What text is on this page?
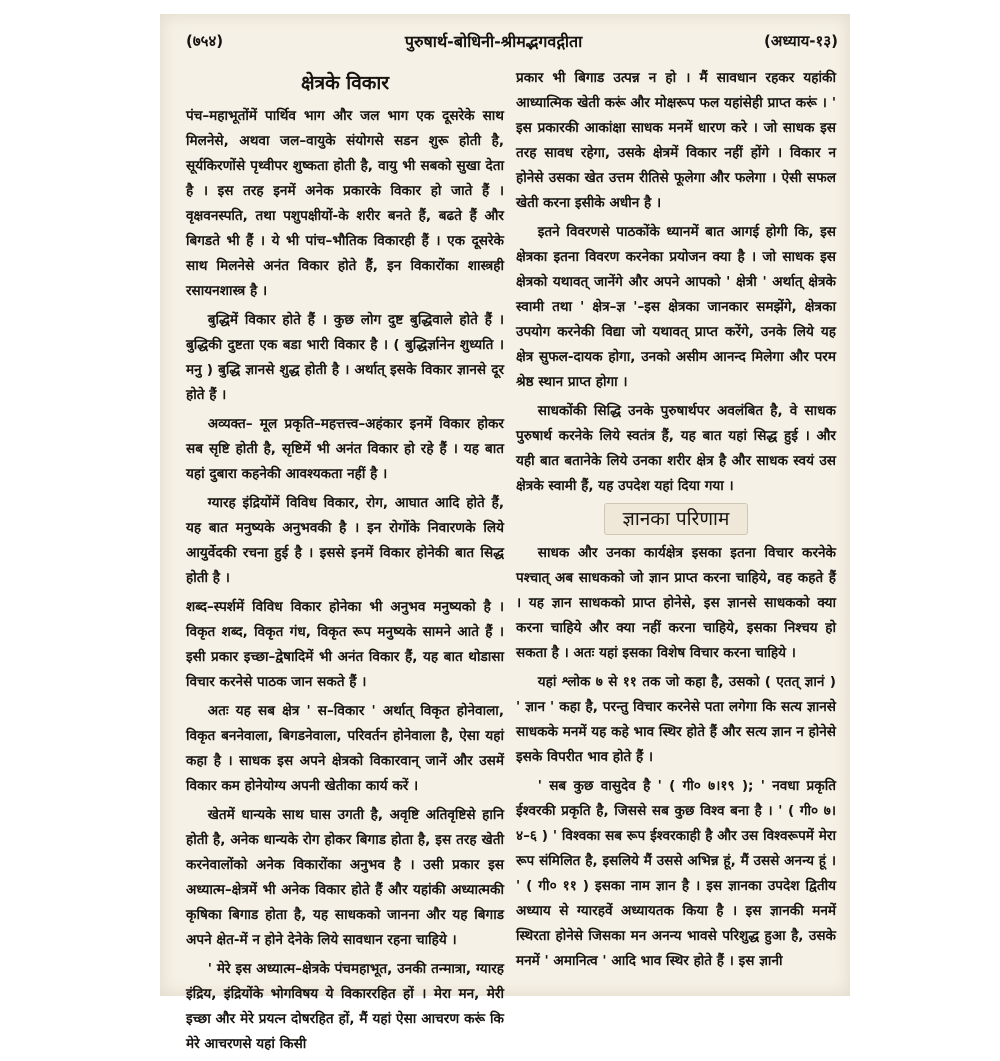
(७५४)	पुरुषार्थ-बोधिनी-श्रीमद्भगवद्गीता	(अध्याय-१३)
क्षेत्रके विकार

पंच–महाभूतोंमें पार्थिव भाग और जल भाग एक दूसरेके साथ मिलनेसे, अथवा जल–वायुके संयोगसे सडन शुरू होती है, सूर्यकिरणोंसे पृथ्वीपर शुष्कता होती है, वायु भी सबको सुखा देता है । इस तरह इनमें अनेक प्रकारके विकार हो जाते हैं । वृक्षवनस्पति, तथा पशुपक्षीयों-के शरीर बनते हैं, बढते हैं और बिगडते भी हैं । ये भी पांच–भौतिक विकारही हैं । एक दूसरेके साथ मिलनेसे अनंत विकार होते हैं, इन विकारोंका शास्त्रही रसायनशास्त्र है ।

बुद्धिमें विकार होते हैं । कुछ लोग दुष्ट बुद्धिवाले होते हैं । बुद्धिकी दुष्टता एक बडा भारी विकार है । ( बुद्धिर्ज्ञानेन शुध्यति । मनु ) बुद्धि ज्ञानसे शुद्ध होती है । अर्थात् इसके विकार ज्ञानसे दूर होते हैं ।

अव्यक्त– मूल प्रकृति–महत्तत्त्व–अहंकार इनमें विकार होकर सब सृष्टि होती है, सृष्टिमें भी अनंत विकार हो रहे हैं । यह बात यहां दुबारा कहनेकी आवश्यकता नहीं है ।

ग्यारह इंद्रियोंमें विविध विकार, रोग, आघात आदि होते हैं, यह बात मनुष्यके अनुभवकी है । इन रोगोंके निवारणके लिये आयुर्वेदकी रचना हुई है । इससे इनमें विकार होनेकी बात सिद्ध होती है ।

शब्द–स्पर्शमें विविध विकार होनेका भी अनुभव मनुष्यको है । विकृत शब्द, विकृत गंध, विकृत रूप मनुष्यके सामने आते हैं । इसी प्रकार इच्छा–द्वेषादिमें भी अनंत विकार हैं, यह बात थोडासा विचार करनेसे पाठक जान सकते हैं ।

अतः यह सब क्षेत्र ' स–विकार ' अर्थात् विकृत होनेवाला, विकृत बननेवाला, बिगडनेवाला, परिवर्तन होनेवाला है, ऐसा यहां कहा है । साधक इस अपने क्षेत्रको विकारवान् जानें और उसमें विकार कम होनेयोग्य अपनी खेतीका कार्य करें ।

खेतमें धान्यके साथ घास उगती है, अवृष्टि अतिवृष्टिसे हानि होती है, अनेक धान्यके रोग होकर बिगाड होता है, इस तरह खेती करनेवालोंको अनेक विकारोंका अनुभव है । उसी प्रकार इस अध्यात्म–क्षेत्रमें भी अनेक विकार होते हैं और यहांकी अध्यात्मकी कृषिका बिगाड होता है, यह साधकको जानना और यह बिगाड अपने क्षेत-में न होने देनेके लिये सावधान रहना चाहिये ।

' मेरे इस अध्यात्म–क्षेत्रके पंचमहाभूत, उनकी तन्मात्रा, ग्यारह इंद्रिय, इंद्रियोंके भोगविषय ये विकाररहित हों । मेरा मन, मेरी इच्छा और मेरे प्रयत्न दोषरहित हों, मैं यहां ऐसा आचरण करूं कि मेरे आचरणसे यहां किसी

प्रकार भी बिगाड उत्पन्न न हो । मैं सावधान रहकर यहांकी आध्यात्मिक खेती करूं और मोक्षरूप फल यहांसेही प्राप्त करूं । ' इस प्रकारकी आकांक्षा साधक मनमें धारण करे । जो साधक इस तरह सावध रहेगा, उसके क्षेत्रमें विकार नहीं होंगे । विकार न होनेसे उसका खेत उत्तम रीतिसे फूलेगा और फलेगा । ऐसी सफल खेती करना इसीके अधीन है ।

इतने विवरणसे पाठकोंके ध्यानमें बात आगई होगी कि, इस क्षेत्रका इतना विवरण करनेका प्रयोजन क्या है । जो साधक इस क्षेत्रको यथावत् जानेंगे और अपने आपको ' क्षेत्री ' अर्थात् क्षेत्रके स्वामी तथा ' क्षेत्र–ज्ञ '–इस क्षेत्रका जानकार समझेंगे, क्षेत्रका उपयोग करनेकी विद्या जो यथावत् प्राप्त करेंगे, उनके लिये यह क्षेत्र सुफल-दायक होगा, उनको असीम आनन्द मिलेगा और परम श्रेष्ठ स्थान प्राप्त होगा ।

साधकोंकी सिद्धि उनके पुरुषार्थपर अवलंबित है, वे साधक पुरुषार्थ करनेके लिये स्वतंत्र हैं, यह बात यहां सिद्ध हुई । और यही बात बतानेके लिये उनका शरीर क्षेत्र है और साधक स्वयं उस क्षेत्रके स्वामी हैं, यह उपदेश यहां दिया गया ।

ज्ञानका परिणाम

साधक और उनका कार्यक्षेत्र इसका इतना विचार करनेके पश्चात् अब साधकको जो ज्ञान प्राप्त करना चाहिये, वह कहते हैं । यह ज्ञान साधकको प्राप्त होनेसे, इस ज्ञानसे साधकको क्या करना चाहिये और क्या नहीं करना चाहिये, इसका निश्चय हो सकता है । अतः यहां इसका विशेष विचार करना चाहिये ।

यहां श्लोक ७ से ११ तक जो कहा है, उसको ( एतत् ज्ञानं ) ' ज्ञान ' कहा है, परन्तु विचार करनेसे पता लगेगा कि सत्य ज्ञानसे साधकके मनमें यह कहे भाव स्थिर होते हैं और सत्य ज्ञान न होनेसे इसके विपरीत भाव होते हैं ।

' सब कुछ वासुदेव है ' ( गी० ७।१९ ); ' नवधा प्रकृति ईश्वरकी प्रकृति है, जिससे सब कुछ विश्व बना है । ' ( गी० ७।४–६ ) ' विश्वका सब रूप ईश्वरकाही है और उस विश्वरूपमें मेरा रूप संमिलित है, इसलिये मैं उससे अभिन्न हूं, मैं उससे अनन्य हूं । ' ( गी० ११ ) इसका नाम ज्ञान है । इस ज्ञानका उपदेश द्वितीय अध्याय से ग्यारहवें अध्यायतक किया है । इस ज्ञानकी मनमें स्थिरता होनेसे जिसका मन अनन्य भावसे परिशुद्ध हुआ है, उसके मनमें ' अमानित्व ' आदि भाव स्थिर होते हैं । इस ज्ञानी
